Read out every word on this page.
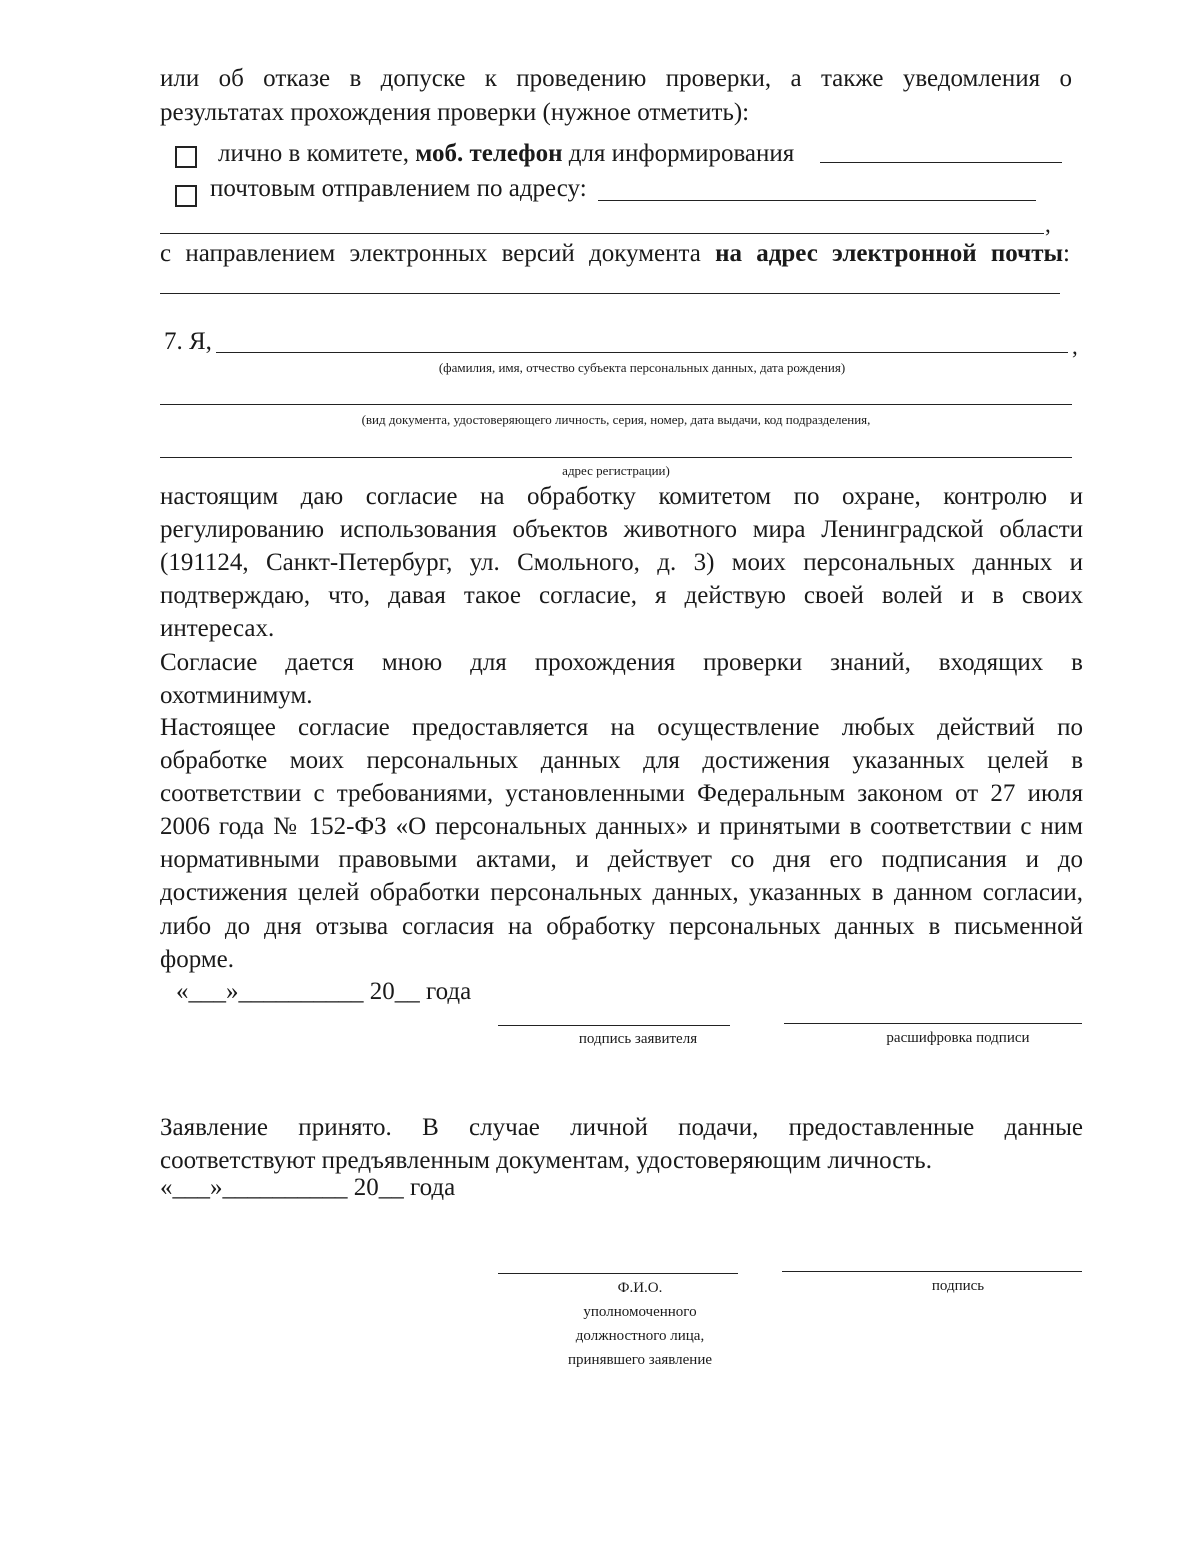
или об отказе в допуске к проведению проверки, а также уведомления о
результатах прохождения проверки (нужное отметить):
лично в комитете, моб. телефон для информирования
почтовым отправлением по адресу:
,
с направлением электронных версий документа на адрес электронной почты:
7. Я,	,
(фамилия, имя, отчество субъекта персональных данных, дата рождения)
(вид документа, удостоверяющего личность, серия, номер, дата выдачи, код подразделения,
адрес регистрации)
настоящим даю согласие на обработку комитетом по охране, контролю и
регулированию использования объектов животного мира Ленинградской области
(191124, Санкт-Петербург, ул. Смольного, д. 3) моих персональных данных и
подтверждаю, что, давая такое согласие, я действую своей волей и в своих
интересах.
Согласие дается мною для прохождения проверки знаний, входящих в
охотминимум.
Настоящее согласие предоставляется на осуществление любых действий по
обработке моих персональных данных для достижения указанных целей в
соответствии с требованиями, установленными Федеральным законом от 27 июля
2006 года № 152-ФЗ «О персональных данных» и принятыми в соответствии с ним
нормативными правовыми актами, и действует со дня его подписания и до
достижения целей обработки персональных данных, указанных в данном согласии,
либо до дня отзыва согласия на обработку персональных данных в письменной
форме.
«___»__________ 20__ года
подпись заявителя	расшифровка подписи
Заявление принято. В случае личной подачи, предоставленные данные
соответствуют предъявленным документам, удостоверяющим личность.
«___»__________ 20__ года
Ф.И.О.
уполномоченного
должностного лица,
принявшего заявление
подпись
